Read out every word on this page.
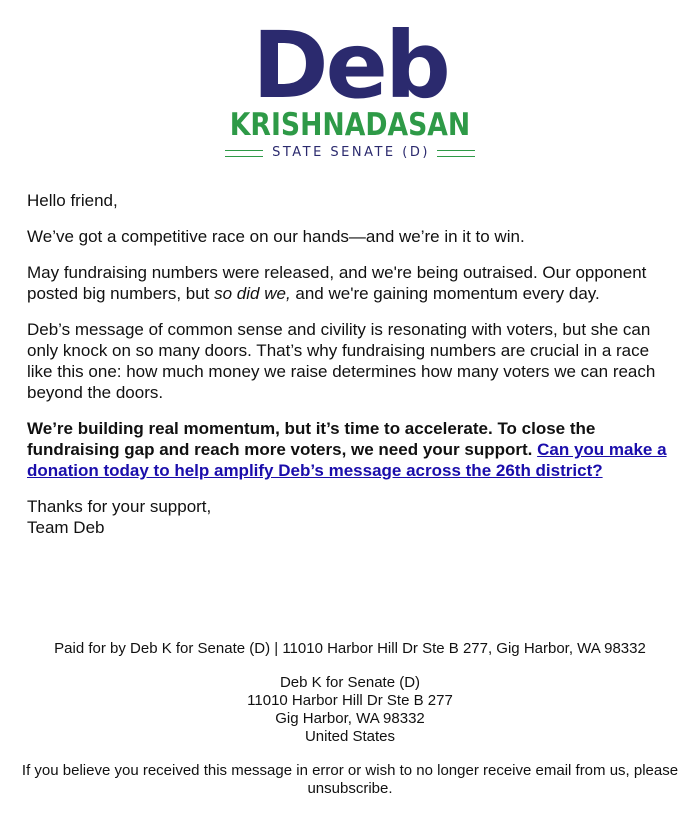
Deb
KRISHNADASAN
STATE SENATE (D)

Hello friend,

We’ve got a competitive race on our hands—and we’re in it to win.

May fundraising numbers were released, and we're being outraised. Our opponent posted big numbers, but so did we, and we're gaining momentum every day.

Deb’s message of common sense and civility is resonating with voters, but she can only knock on so many doors. That’s why fundraising numbers are crucial in a race like this one: how much money we raise determines how many voters we can reach beyond the doors.

We’re building real momentum, but it’s time to accelerate. To close the fundraising gap and reach more voters, we need your support. Can you make a donation today to help amplify Deb’s message across the 26th district?

Thanks for your support,
Team Deb

Paid for by Deb K for Senate (D) | 11010 Harbor Hill Dr Ste B 277, Gig Harbor, WA 98332

Deb K for Senate (D)
11010 Harbor Hill Dr Ste B 277
Gig Harbor, WA 98332
United States

If you believe you received this message in error or wish to no longer receive email from us, please unsubscribe.
